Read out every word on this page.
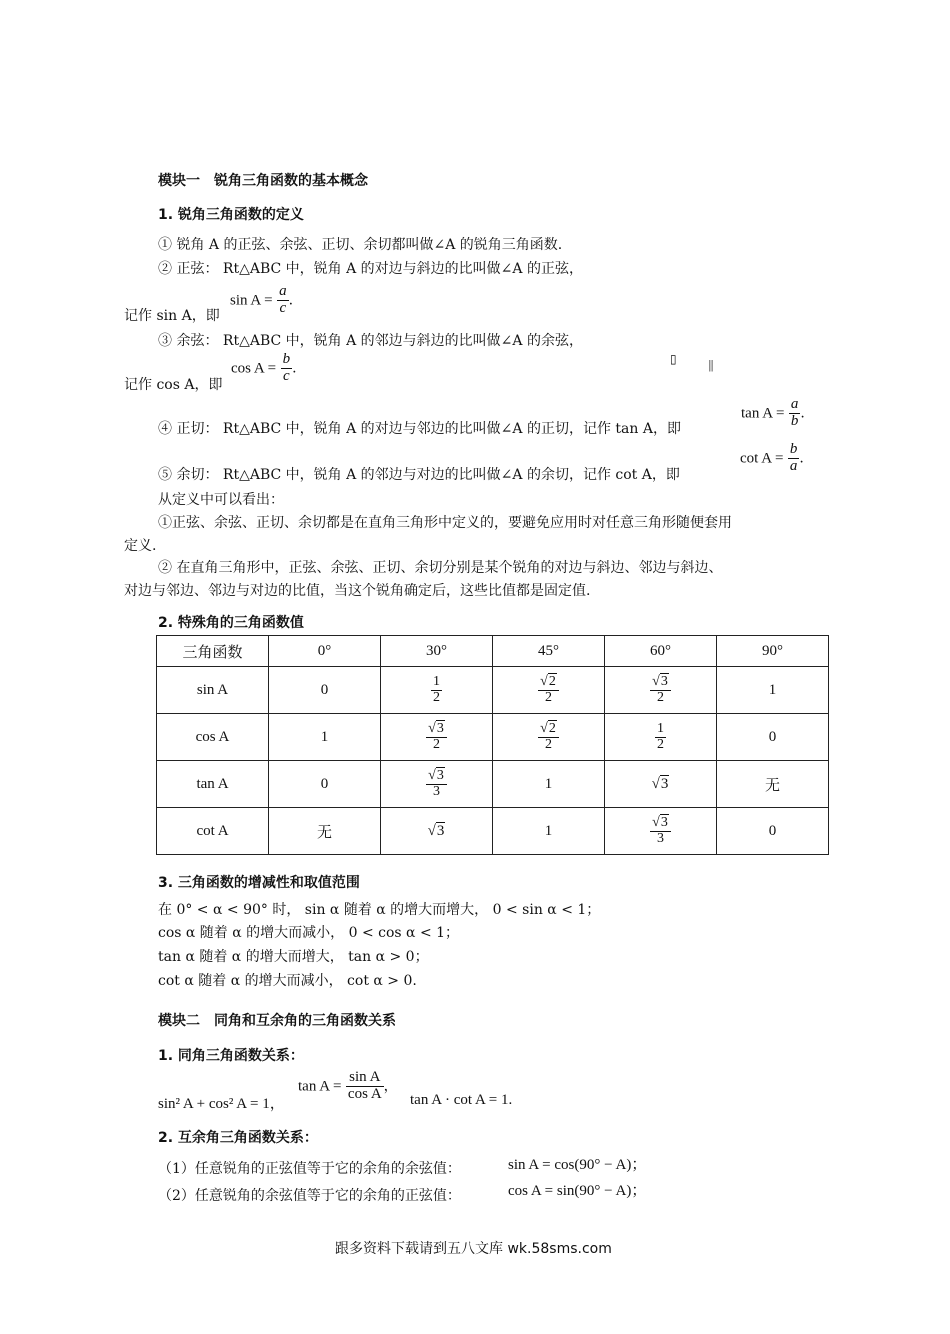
模块一　锐角三角函数的基本概念
1. 锐角三角函数的定义
① 锐角 A 的正弦、余弦、正切、余切都叫做∠A 的锐角三角函数.
② 正弦： Rt△ABC 中，锐角 A 的对边与斜边的比叫做∠A 的正弦，
记作 sin A，即
$\sin A = \frac{a}{c}$ .
③ 余弦： Rt△ABC 中，锐角 A 的邻边与斜边的比叫做∠A 的余弦，
记作 cos A，即
$\cos A = \frac{b}{c}$ .
▯	ǁ
④ 正切： Rt△ABC 中，锐角 A 的对边与邻边的比叫做∠A 的正切，记作 tan A，即
$\tan A = \frac{a}{b}$ .
⑤ 余切： Rt△ABC 中，锐角 A 的邻边与对边的比叫做∠A 的余切，记作 cot A，即
$\cot A = \frac{b}{a}$ .
从定义中可以看出：
①正弦、余弦、正切、余切都是在直角三角形中定义的，要避免应用时对任意三角形随便套用
定义.
② 在直角三角形中，正弦、余弦、正切、余切分别是某个锐角的对边与斜边、邻边与斜边、
对边与邻边、邻边与对边的比值，当这个锐角确定后，这些比值都是固定值.
2. 特殊角的三角函数值
三角函数	0°	30°	45°	60°	90°
sin A	0	$\frac{1}{2}$	$\frac{√2}{2}$	$\frac{√3}{2}$	1
cos A	1	$\frac{√3}{2}$	$\frac{√2}{2}$	$\frac{1}{2}$	0
tan A	0	$\frac{√3}{3}$	1	√3	无
cot A	无	√3	1	$\frac{√3}{3}$	0
3. 三角函数的增减性和取值范围
在 0° < α < 90° 时， sin α 随着 α 的增大而增大， 0 < sin α < 1；
cos α 随着 α 的增大而减小， 0 < cos α < 1；
tan α 随着 α 的增大而增大， tan α > 0；
cot α 随着 α 的增大而减小， cot α > 0.
模块二　同角和互余角的三角函数关系
1. 同角三角函数关系：
sin² A + cos² A = 1，
$\tan A = \frac{\text{sin A}}{\text{cos A}}$ ，
tan A · cot A = 1.
2. 互余角三角函数关系：
（1）任意锐角的正弦值等于它的余角的余弦值：	sin A = cos(90° − A)；
（2）任意锐角的余弦值等于它的余角的正弦值：	cos A = sin(90° − A)；
跟多资料下载请到五八文库 wk.58sms.com
